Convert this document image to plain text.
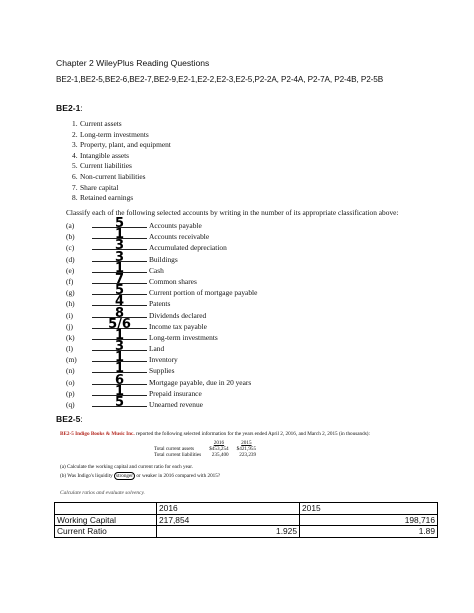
Chapter 2 WileyPlus Reading Questions
BE2-1,BE2-5,BE2-6,BE2-7,BE2-9,E2-1,E2-2,E2-3,E2-5,P2-2A, P2-4A, P2-7A, P2-4B, P2-5B
BE2-1:
1. Current assets
2. Long-term investments
3. Property, plant, and equipment
4. Intangible assets
5. Current liabilities
6. Non-current liabilities
7. Share capital
8. Retained earnings
Classify each of the following selected accounts by writing in the number of its appropriate classification above:
(a)	5	Accounts payable
(b)	1	Accounts receivable
(c)	3	Accumulated depreciation
(d)	3	Buildings
(e)	1	Cash
(f)	7	Common shares
(g)	5	Current portion of mortgage payable
(h)	4	Patents
(i)	8	Dividends declared
(j)	5/6	Income tax payable
(k)	1	Long-term investments
(l)	3	Land
(m)	1	Inventory
(n)	1	Supplies
(o)	6	Mortgage payable, due in 20 years
(p)	1	Prepaid insurance
(q)	5	Unearned revenue
BE2-5:
BE2-5 Indigo Books & Music Inc. reported the following selected information for the years ended April 2, 2016, and March 2, 2015 (in thousands):
	2016	2015
Total current assets	$453,254	$421,955
Total current liabilities	235,400	223,239
(a) Calculate the working capital and current ratio for each year.
(b) Was Indigo's liquidity stronger or weaker in 2016 compared with 2015?
Calculate ratios and evaluate solvency.
	2016	2015
Working Capital	217,854	198,716
Current Ratio	1.925	1.89
